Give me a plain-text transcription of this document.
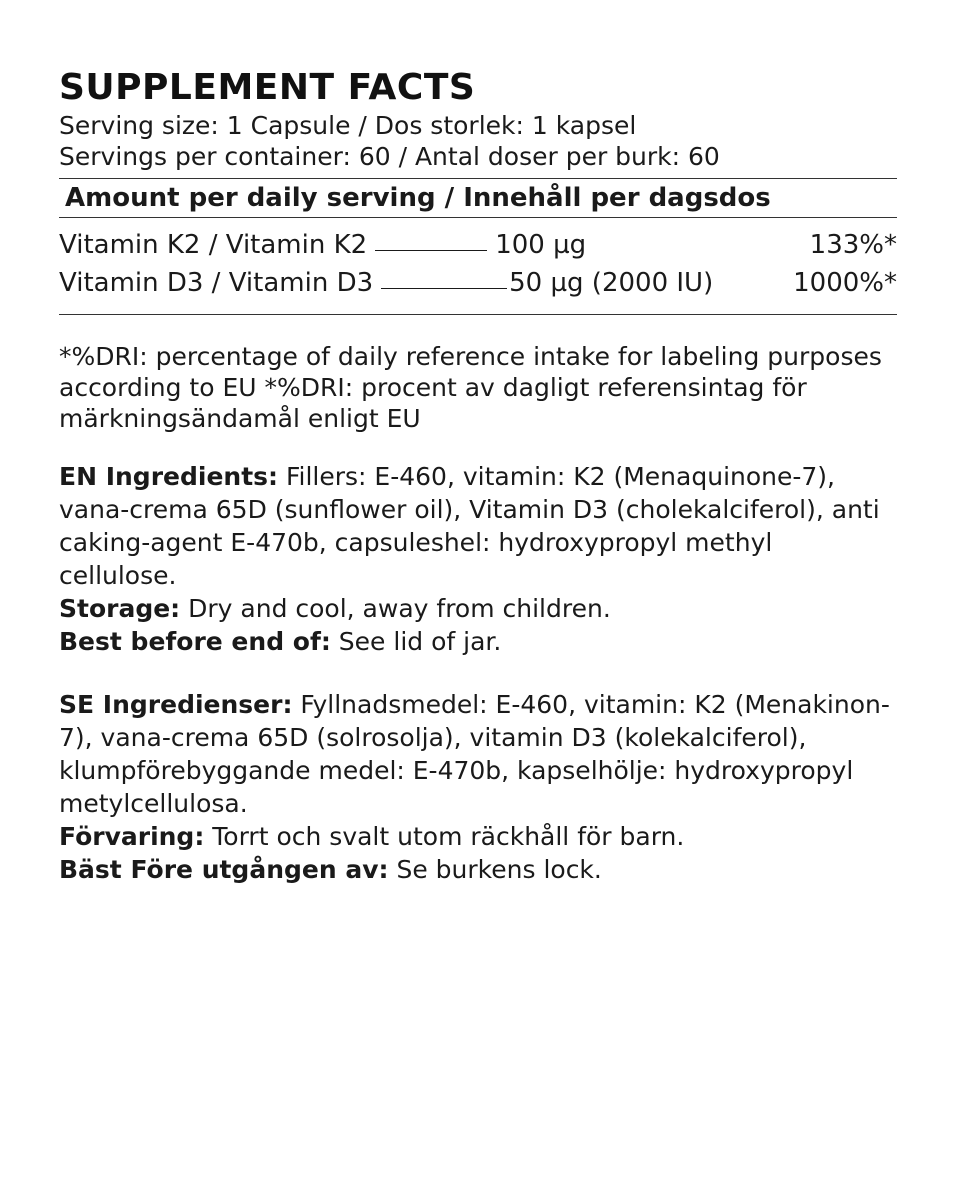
SUPPLEMENT FACTS

Serving size: 1 Capsule / Dos storlek: 1 kapsel

Servings per container: 60 / Antal doser per burk: 60

Amount per daily serving / Innehåll per dagsdos

Vitamin K2 / Vitamin K2	100 µg	133%*
Vitamin D3 / Vitamin D3	50 µg (2000 IU)	1000%*

*%DRI: percentage of daily reference intake for labeling purposes according to EU *%DRI: procent av dagligt referensintag för märkningsändamål enligt EU

EN Ingredients: Fillers: E-460, vitamin: K2 (Menaquinone-7), vana-crema 65D (sunflower oil), Vitamin D3 (cholekalciferol), anti caking-agent E-470b, capsuleshel: hydroxypropyl methyl cellulose.

Storage: Dry and cool, away from children.

Best before end of: See lid of jar.

SE Ingredienser: Fyllnadsmedel: E-460, vitamin: K2 (Menakinon-7), vana-crema 65D (solrosolja), vitamin D3 (kolekalciferol), klumpförebyggande medel: E-470b, kapselhölje: hydroxypropyl metylcellulosa.

Förvaring: Torrt och svalt utom räckhåll för barn.

Bäst Före utgången av: Se burkens lock.
